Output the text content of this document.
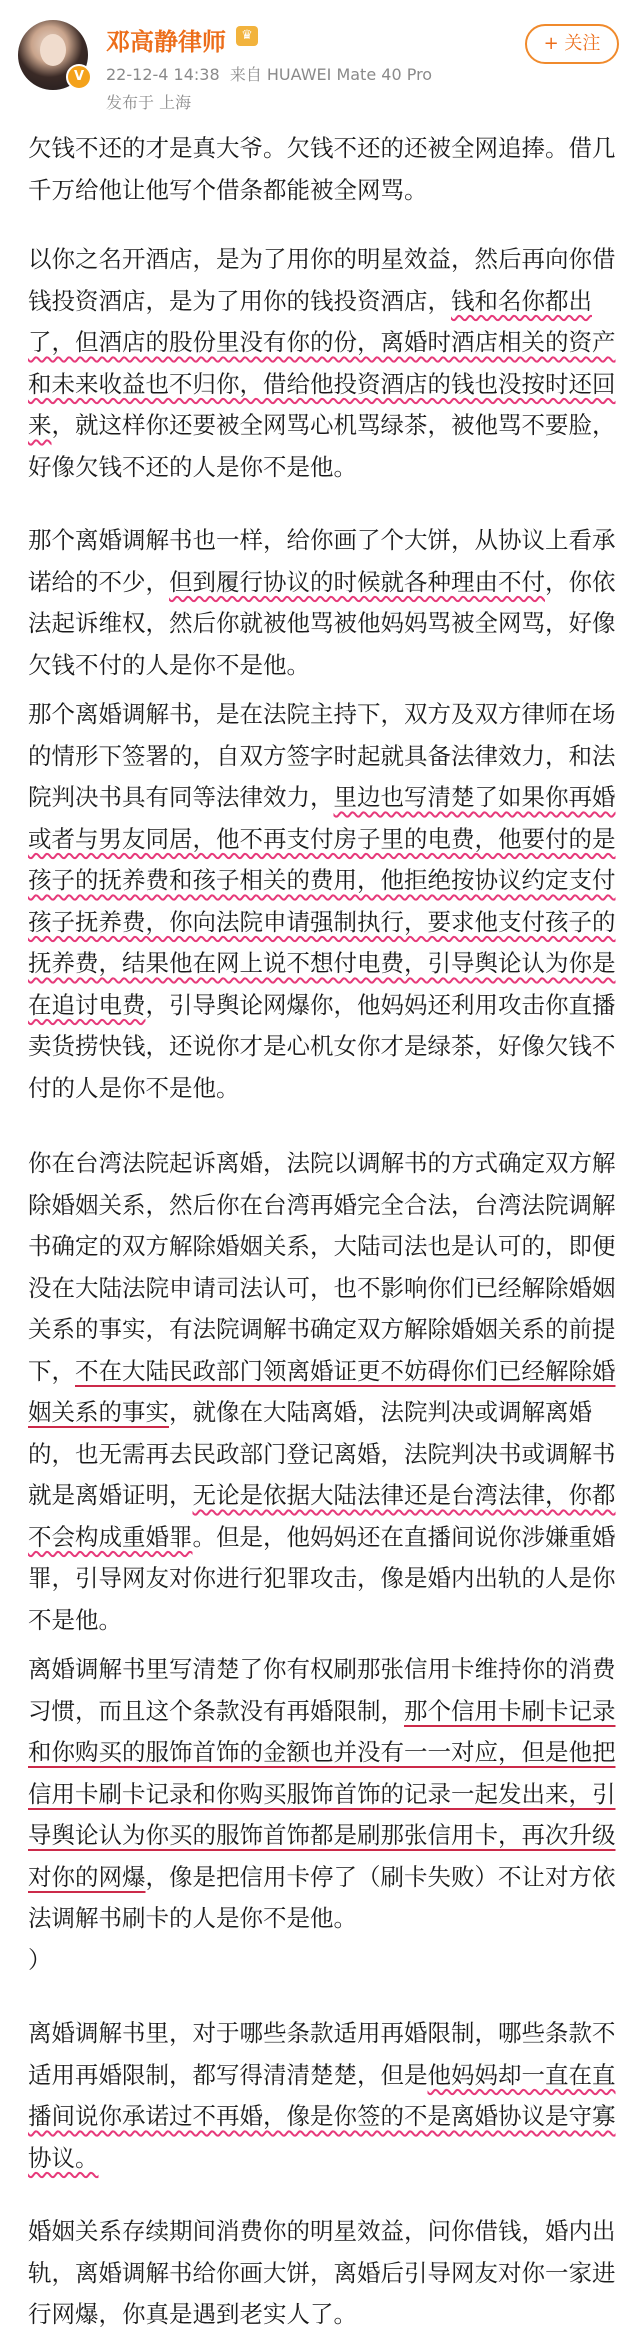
V
邓高静律师	♛
22-12-4 14:38 来自 HUAWEI Mate 40 Pro
发布于 上海
+ 关注

欠钱不还的才是真大爷。欠钱不还的还被全网追捧。借几千万给他让他写个借条都能被全网骂。

以你之名开酒店，是为了用你的明星效益，然后再向你借钱投资酒店，是为了用你的钱投资酒店，钱和名你都出了，但酒店的股份里没有你的份，离婚时酒店相关的资产和未来收益也不归你，借给他投资酒店的钱也没按时还回来，就这样你还要被全网骂心机骂绿茶，被他骂不要脸，好像欠钱不还的人是你不是他。

那个离婚调解书也一样，给你画了个大饼，从协议上看承诺给的不少，但到履行协议的时候就各种理由不付，你依法起诉维权，然后你就被他骂被他妈妈骂被全网骂，好像欠钱不付的人是你不是他。

那个离婚调解书，是在法院主持下，双方及双方律师在场的情形下签署的，自双方签字时起就具备法律效力，和法院判决书具有同等法律效力，里边也写清楚了如果你再婚或者与男友同居，他不再支付房子里的电费，他要付的是孩子的抚养费和孩子相关的费用，他拒绝按协议约定支付孩子抚养费，你向法院申请强制执行，要求他支付孩子的抚养费，结果他在网上说不想付电费，引导舆论认为你是在追讨电费，引导舆论网爆你，他妈妈还利用攻击你直播卖货捞快钱，还说你才是心机女你才是绿茶，好像欠钱不付的人是你不是他。

你在台湾法院起诉离婚，法院以调解书的方式确定双方解除婚姻关系，然后你在台湾再婚完全合法，台湾法院调解书确定的双方解除婚姻关系，大陆司法也是认可的，即便没在大陆法院申请司法认可，也不影响你们已经解除婚姻关系的事实，有法院调解书确定双方解除婚姻关系的前提下，不在大陆民政部门领离婚证更不妨碍你们已经解除婚姻关系的事实，就像在大陆离婚，法院判决或调解离婚的，也无需再去民政部门登记离婚，法院判决书或调解书就是离婚证明，无论是依据大陆法律还是台湾法律，你都不会构成重婚罪。但是，他妈妈还在直播间说你涉嫌重婚罪，引导网友对你进行犯罪攻击，像是婚内出轨的人是你不是他。

离婚调解书里写清楚了你有权刷那张信用卡维持你的消费习惯，而且这个条款没有再婚限制，那个信用卡刷卡记录和你购买的服饰首饰的金额也并没有一一对应，但是他把信用卡刷卡记录和你购买服饰首饰的记录一起发出来，引导舆论认为你买的服饰首饰都是刷那张信用卡，再次升级对你的网爆，像是把信用卡停了（刷卡失败）不让对方依法调解书刷卡的人是你不是他。

）

离婚调解书里，对于哪些条款适用再婚限制，哪些条款不适用再婚限制，都写得清清楚楚，但是他妈妈却一直在直播间说你承诺过不再婚，像是你签的不是离婚协议是守寡协议。

婚姻关系存续期间消费你的明星效益，问你借钱，婚内出轨，离婚调解书给你画大饼，离婚后引导网友对你一家进行网爆，你真是遇到老实人了。
